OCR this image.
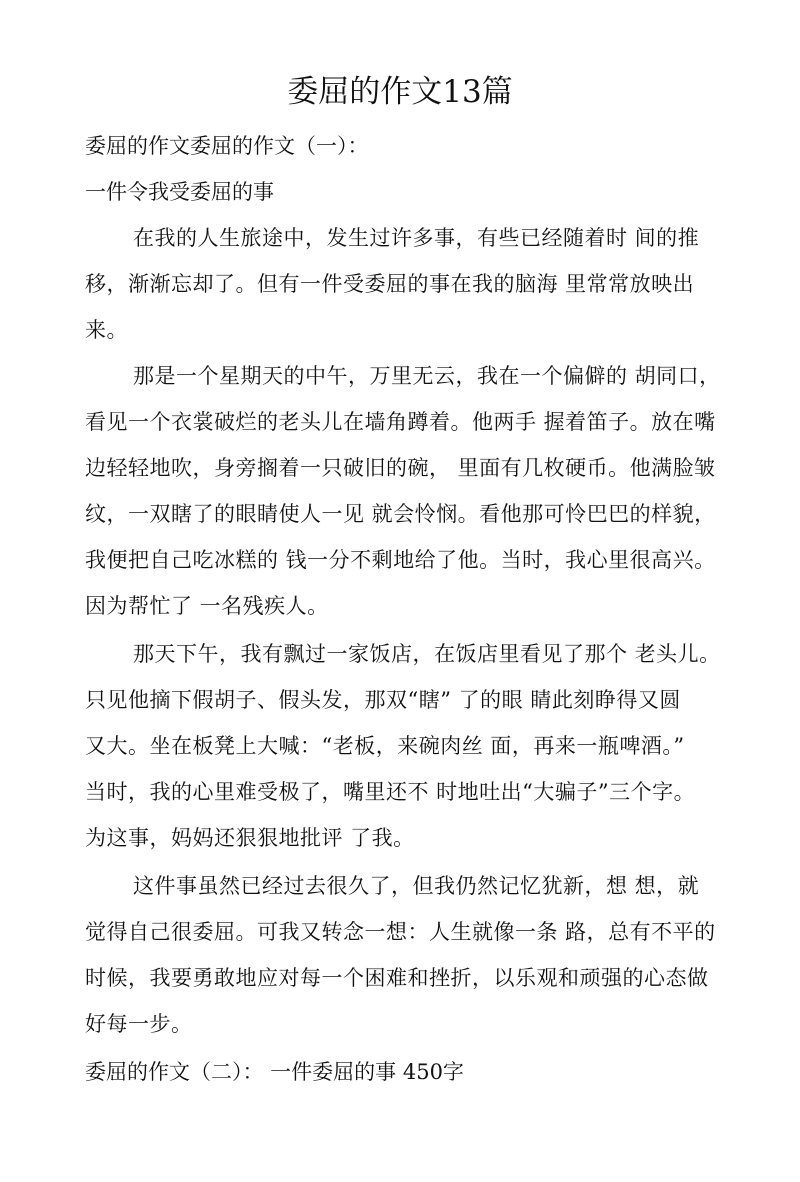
委屈的作文13篇
委屈的作文委屈的作文（一）：
一件令我受委屈的事
在我的人生旅途中，发生过许多事，有些已经随着时 间的推
移，渐渐忘却了。但有一件受委屈的事在我的脑海 里常常放映出
来。
那是一个星期天的中午，万里无云，我在一个偏僻的 胡同口，
看见一个衣裳破烂的老头儿在墙角蹲着。他两手 握着笛子。放在嘴
边轻轻地吹，身旁搁着一只破旧的碗， 里面有几枚硬币。他满脸皱
纹，一双瞎了的眼睛使人一见 就会怜悯。看他那可怜巴巴的样貌，
我便把自己吃冰糕的 钱一分不剩地给了他。当时，我心里很高兴。
因为帮忙了 一名残疾人。
那天下午，我有飘过一家饭店，在饭店里看见了那个 老头儿。
只见他摘下假胡子、假头发，那双“瞎” 了的眼 睛此刻睁得又圆
又大。坐在板凳上大喊：“老板，来碗肉丝 面，再来一瓶啤酒。”
当时，我的心里难受极了，嘴里还不 时地吐出“大骗子”三个字。
为这事，妈妈还狠狠地批评 了我。
这件事虽然已经过去很久了，但我仍然记忆犹新，想 想，就
觉得自己很委屈。可我又转念一想：人生就像一条 路，总有不平的
时候，我要勇敢地应对每一个困难和挫折，以乐观和顽强的心态做
好每一步。
委屈的作文（二）： 一件委屈的事 450字
